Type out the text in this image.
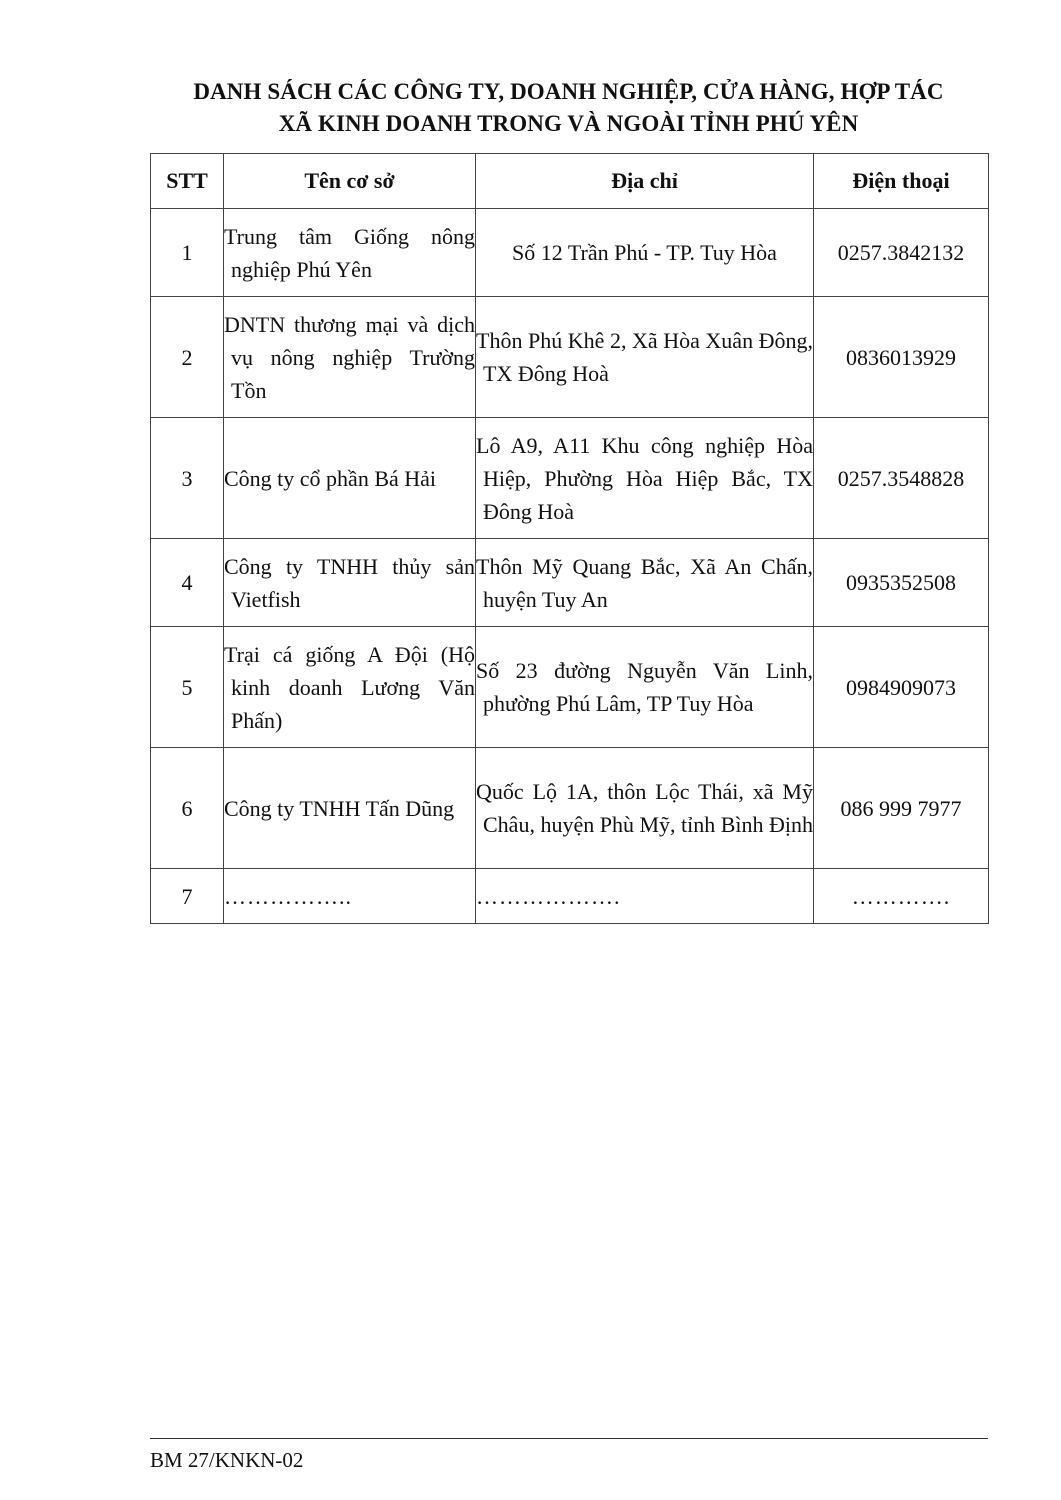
DANH SÁCH CÁC CÔNG TY, DOANH NGHIỆP, CỬA HÀNG, HỢP TÁC
XÃ KINH DOANH TRONG VÀ NGOÀI TỈNH PHÚ YÊN
STT	Tên cơ sở	Địa chỉ	Điện thoại
1	Trung tâm Giống nông nghiệp Phú Yên	Số 12 Trần Phú - TP. Tuy Hòa	0257.3842132
2	DNTN thương mại và dịch vụ nông nghiệp Trường Tồn	Thôn Phú Khê 2, Xã Hòa Xuân Đông, TX Đông Hoà	0836013929
3	Công ty cổ phần Bá Hải	Lô A9, A11 Khu công nghiệp Hòa Hiệp, Phường Hòa Hiệp Bắc, TX Đông Hoà	0257.3548828
4	Công ty TNHH thủy sản Vietfish	Thôn Mỹ Quang Bắc, Xã An Chấn, huyện Tuy An	0935352508
5	Trại cá giống A Đội (Hộ kinh doanh Lương Văn Phấn)	Số 23 đường Nguyễn Văn Linh, phường Phú Lâm, TP Tuy Hòa	0984909073
6	Công ty TNHH Tấn Dũng	Quốc Lộ 1A, thôn Lộc Thái, xã Mỹ Châu, huyện Phù Mỹ, tỉnh Bình Định	086 999 7977
7	……………..	……………….	………….
BM 27/KNKN-02
